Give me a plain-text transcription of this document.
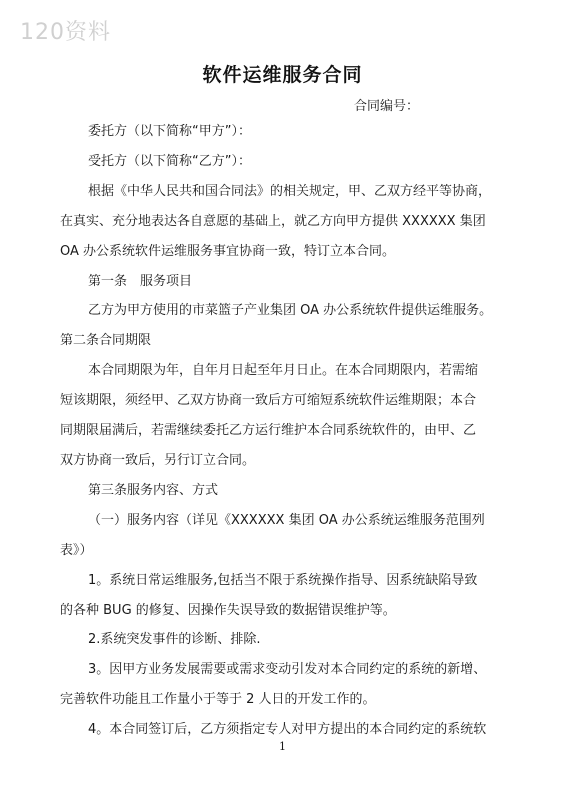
120资料
软件运维服务合同
合同编号：
委托方（以下简称“甲方”）：
受托方（以下简称“乙方”）：
根据《中华人民共和国合同法》的相关规定，甲、乙双方经平等协商，
在真实、充分地表达各自意愿的基础上，就乙方向甲方提供 XXXXXX 集团
OA 办公系统软件运维服务事宜协商一致，特订立本合同。
第一条　服务项目
乙方为甲方使用的市菜篮子产业集团 OA 办公系统软件提供运维服务。
第二条合同期限
本合同期限为年，自年月日起至年月日止。在本合同期限内，若需缩
短该期限，须经甲、乙双方协商一致后方可缩短系统软件运维期限；本合
同期限届满后，若需继续委托乙方运行维护本合同系统软件的，由甲、乙
双方协商一致后，另行订立合同。
第三条服务内容、方式
（一）服务内容（详见《XXXXXX 集团 OA 办公系统运维服务范围列
表》）
1。系统日常运维服务,包括当不限于系统操作指导、因系统缺陷导致
的各种 BUG 的修复、因操作失误导致的数据错误维护等。
2.系统突发事件的诊断、排除.
3。因甲方业务发展需要或需求变动引发对本合同约定的系统的新增、
完善软件功能且工作量小于等于 2 人日的开发工作的。
4。本合同签订后，乙方须指定专人对甲方提出的本合同约定的系统软
1
